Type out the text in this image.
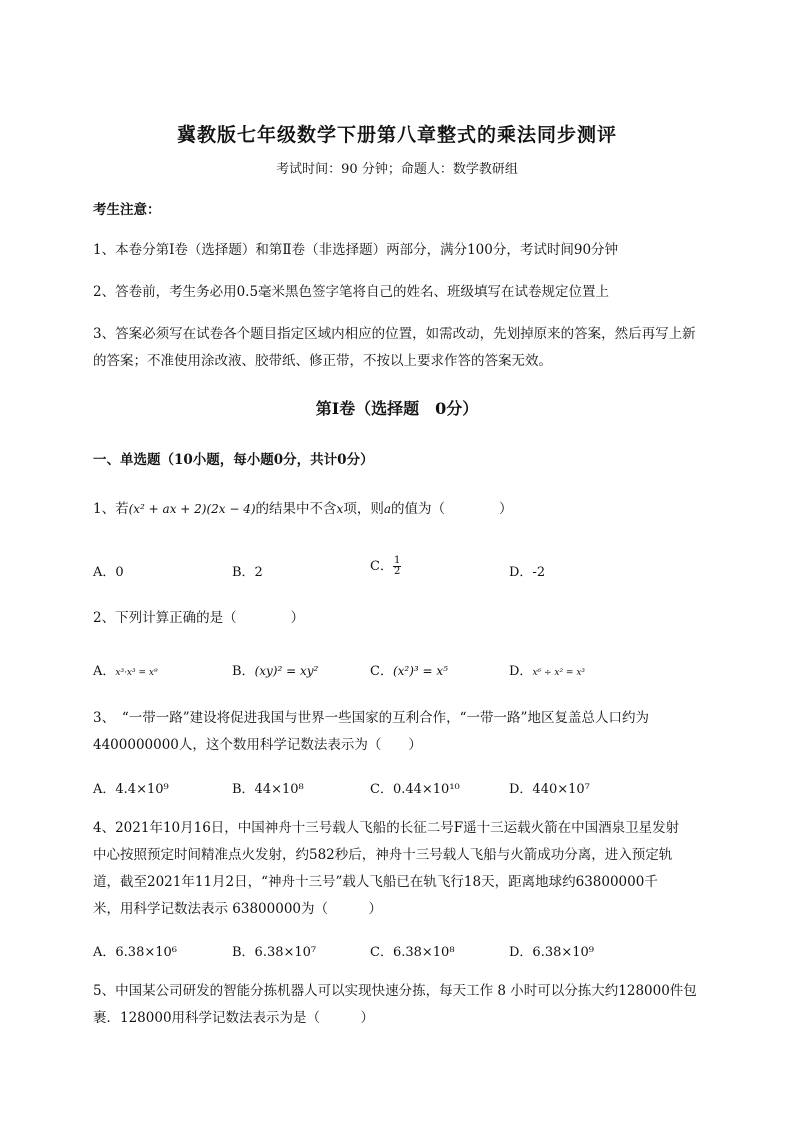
冀教版七年级数学下册第八章整式的乘法同步测评
考试时间：90 分钟；命题人：数学教研组
考生注意：
1、本卷分第Ⅰ卷（选择题）和第Ⅱ卷（非选择题）两部分，满分100分，考试时间90分钟
2、答卷前，考生务必用0.5毫米黑色签字笔将自己的姓名、班级填写在试卷规定位置上
3、答案必须写在试卷各个题目指定区域内相应的位置，如需改动，先划掉原来的答案，然后再写上新
的答案；不准使用涂改液、胶带纸、修正带，不按以上要求作答的答案无效。
第Ⅰ卷（选择题　0分）
一、单选题（10小题，每小题0分，共计0分）
1、若(x² + ax + 2)(2x − 4)的结果中不含x项，则a的值为（　　　　）
A．0	B．2	C． $\frac{1}{2}$	D．-2
2、下列计算正确的是（　　　　）
A．x³·x³ = x⁹	B．(xy)² = xy²	C．(x²)³ = x⁵	D．x⁶ ÷ x² = x³
3、　“一带一路”建设将促进我国与世界一些国家的互利合作，“一带一路”地区复盖总人口约为
4400000000人，这个数用科学记数法表示为（　　）
A．4.4×10⁹	B．44×10⁸	C．0.44×10¹⁰	D．440×10⁷
4、2021年10月16日，中国神舟十三号载人飞船的长征二号F遥十三运载火箭在中国酒泉卫星发射
中心按照预定时间精准点火发射，约582秒后，神舟十三号载人飞船与火箭成功分离，进入预定轨
道，截至2021年11月2日，“神舟十三号”载人飞船已在轨飞行18天，距离地球约63800000千
米，用科学记数法表示 63800000为（　　　）
A．6.38×10⁶	B．6.38×10⁷	C．6.38×10⁸	D．6.38×10⁹
5、中国某公司研发的智能分拣机器人可以实现快速分拣，每天工作 8 小时可以分拣大约128000件包
裹．128000用科学记数法表示为是（　　　）
